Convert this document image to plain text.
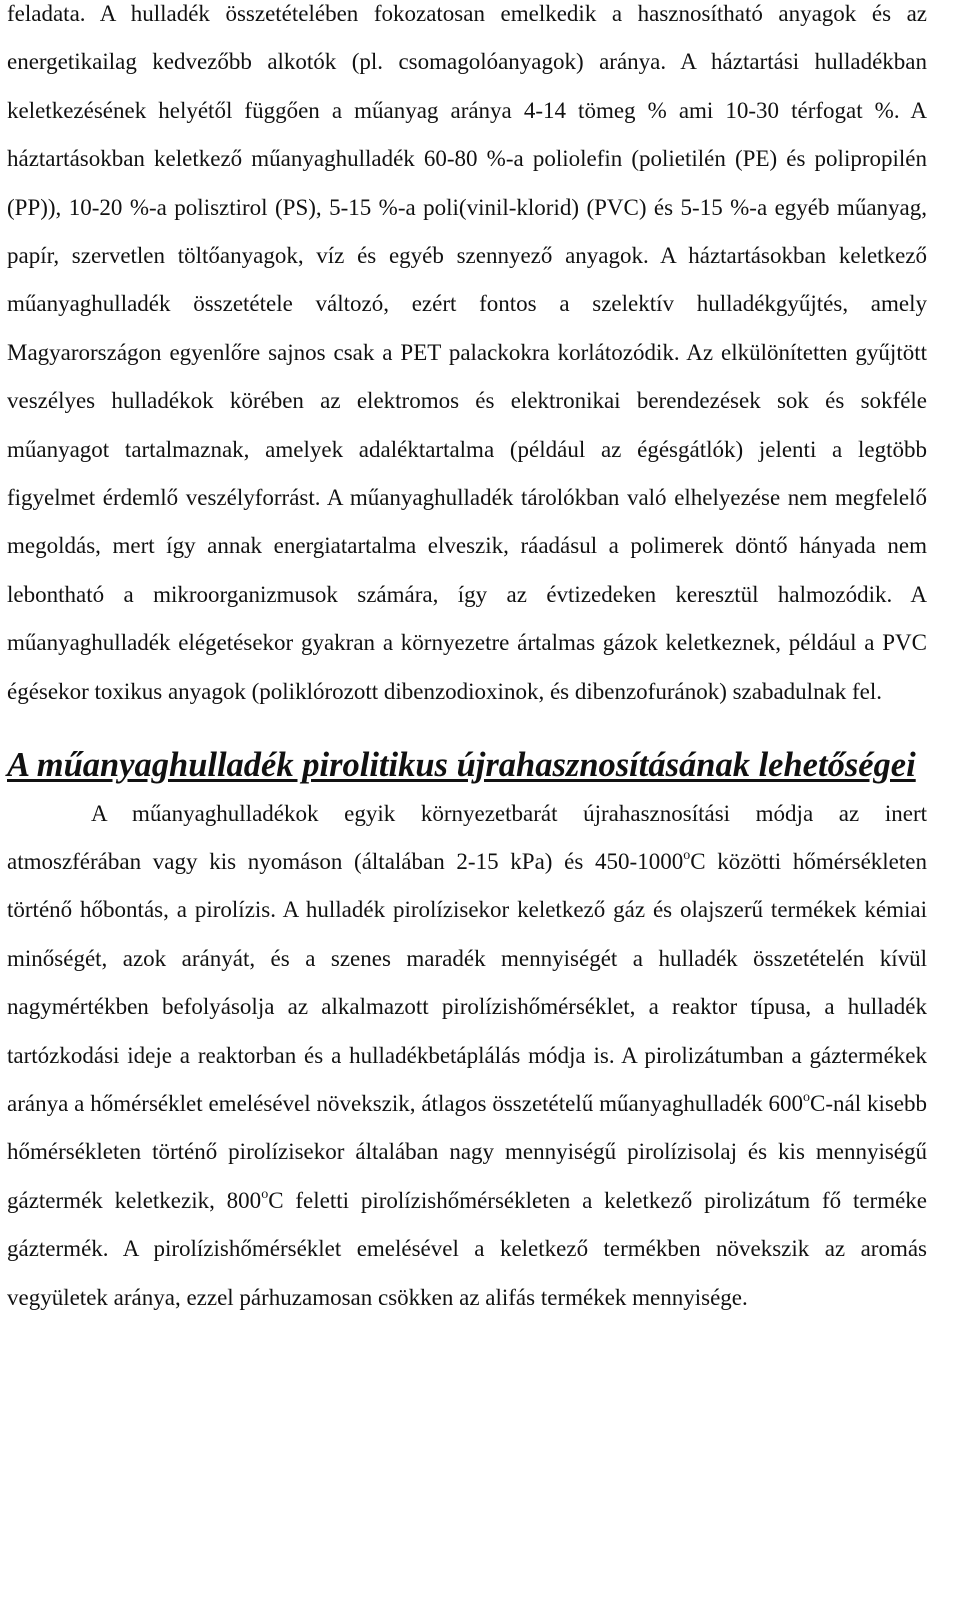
feladata. A hulladék összetételében fokozatosan emelkedik a hasznosítható anyagok és az energetikailag kedvezőbb alkotók (pl. csomagolóanyagok) aránya. A háztartási hulladékban keletkezésének helyétől függően a műanyag aránya 4-14 tömeg % ami 10-30 térfogat %. A háztartásokban keletkező műanyaghulladék 60-80 %-a poliolefin (polietilén (PE) és polipropilén (PP)), 10-20 %-a polisztirol (PS), 5-15 %-a poli(vinil-klorid) (PVC) és 5-15 %-a egyéb műanyag, papír, szervetlen töltőanyagok, víz és egyéb szennyező anyagok. A háztartásokban keletkező műanyaghulladék összetétele változó, ezért fontos a szelektív hulladékgyűjtés, amely Magyarországon egyenlőre sajnos csak a PET palackokra korlátozódik. Az elkülönítetten gyűjtött veszélyes hulladékok körében az elektromos és elektronikai berendezések sok és sokféle műanyagot tartalmaznak, amelyek adaléktartalma (például az égésgátlók) jelenti a legtöbb figyelmet érdemlő veszélyforrást. A műanyaghulladék tárolókban való elhelyezése nem megfelelő megoldás, mert így annak energiatartalma elveszik, ráadásul a polimerek döntő hányada nem lebontható a mikroorganizmusok számára, így az évtizedeken keresztül halmozódik. A műanyaghulladék elégetésekor gyakran a környezetre ártalmas gázok keletkeznek, például a PVC égésekor toxikus anyagok (poliklórozott dibenzodioxinok, és dibenzofuránok) szabadulnak fel.

A műanyaghulladék pirolitikus újrahasznosításának lehetőségei

A műanyaghulladékok egyik környezetbarát újrahasznosítási módja az inert atmoszférában vagy kis nyomáson (általában 2-15 kPa) és 450-1000$^o$C közötti hőmérsékleten történő hőbontás, a pirolízis. A hulladék pirolízisekor keletkező gáz és olajszerű termékek kémiai minőségét, azok arányát, és a szenes maradék mennyiségét a hulladék összetételén kívül nagymértékben befolyásolja az alkalmazott pirolízishőmérséklet, a reaktor típusa, a hulladék tartózkodási ideje a reaktorban és a hulladékbetáplálás módja is. A pirolizátumban a gáztermékek aránya a hőmérséklet emelésével növekszik, átlagos összetételű műanyaghulladék 600$^o$C-nál kisebb hőmérsékleten történő pirolízisekor általában nagy mennyiségű pirolízisolaj és kis mennyiségű gáztermék keletkezik, 800$^o$C feletti pirolízishőmérsékleten a keletkező pirolizátum fő terméke gáztermék. A pirolízishőmérséklet emelésével a keletkező termékben növekszik az aromás vegyületek aránya, ezzel párhuzamosan csökken az alifás termékek mennyisége.
